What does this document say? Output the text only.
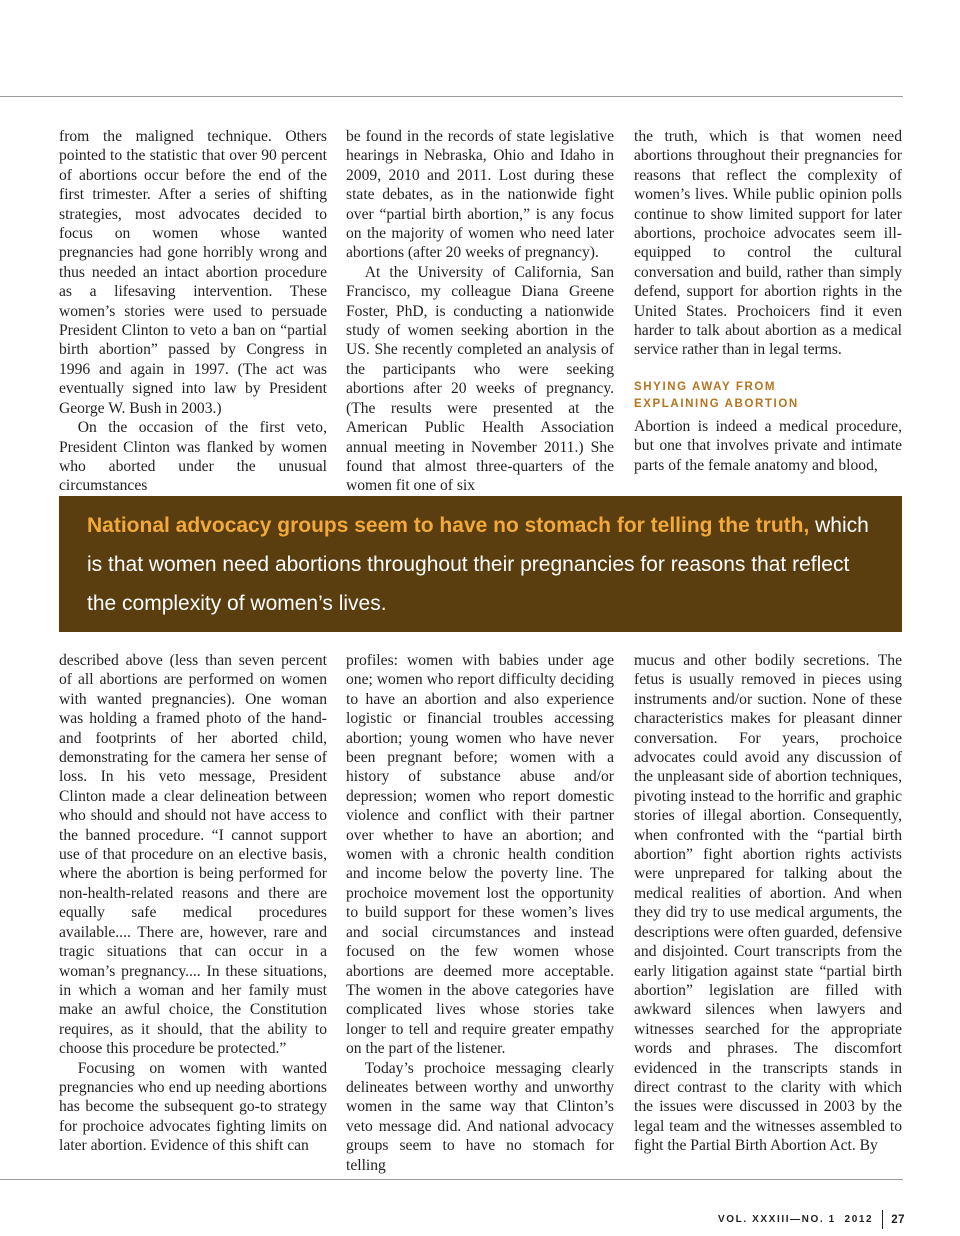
from the maligned technique. Others pointed to the statistic that over 90 percent of abortions occur before the end of the first trimester. After a series of shifting strategies, most advocates decided to focus on women whose wanted pregnancies had gone horribly wrong and thus needed an intact abortion procedure as a lifesaving intervention. These women’s stories were used to persuade President Clinton to veto a ban on “partial birth abortion” passed by Congress in 1996 and again in 1997. (The act was eventually signed into law by President George W. Bush in 2003.)

On the occasion of the first veto, President Clinton was flanked by women who aborted under the unusual circumstances

be found in the records of state legislative hearings in Nebraska, Ohio and Idaho in 2009, 2010 and 2011. Lost during these state debates, as in the nationwide fight over “partial birth abortion,” is any focus on the majority of women who need later abortions (after 20 weeks of pregnancy).

At the University of California, San Francisco, my colleague Diana Greene Foster, PhD, is conducting a nationwide study of women seeking abortion in the US. She recently completed an analysis of the participants who were seeking abortions after 20 weeks of pregnancy. (The results were presented at the American Public Health Association annual meeting in November 2011.) She found that almost three-quarters of the women fit one of six

the truth, which is that women need abortions throughout their pregnancies for reasons that reflect the complexity of women’s lives. While public opinion polls continue to show limited support for later abortions, prochoice advocates seem ill-equipped to control the cultural conversation and build, rather than simply defend, support for abortion rights in the United States. Prochoicers find it even harder to talk about abortion as a medical service rather than in legal terms.

SHYING AWAY FROM
EXPLAINING ABORTION

Abortion is indeed a medical procedure, but one that involves private and intimate parts of the female anatomy and blood,

National advocacy groups seem to have no stomach for telling the truth, which is that women need abortions throughout their pregnancies for reasons that reflect the complexity of women’s lives.

described above (less than seven percent of all abortions are performed on women with wanted pregnancies). One woman was holding a framed photo of the hand- and footprints of her aborted child, demonstrating for the camera her sense of loss. In his veto message, President Clinton made a clear delineation between who should and should not have access to the banned procedure. “I cannot support use of that procedure on an elective basis, where the abortion is being performed for non-health-related reasons and there are equally safe medical procedures available.... There are, however, rare and tragic situations that can occur in a woman’s pregnancy.... In these situations, in which a woman and her family must make an awful choice, the Constitution requires, as it should, that the ability to choose this procedure be protected.”

Focusing on women with wanted pregnancies who end up needing abortions has become the subsequent go-to strategy for prochoice advocates fighting limits on later abortion. Evidence of this shift can

profiles: women with babies under age one; women who report difficulty deciding to have an abortion and also experience logistic or financial troubles accessing abortion; young women who have never been pregnant before; women with a history of substance abuse and/or depression; women who report domestic violence and conflict with their partner over whether to have an abortion; and women with a chronic health condition and income below the poverty line. The prochoice movement lost the opportunity to build support for these women’s lives and social circumstances and instead focused on the few women whose abortions are deemed more acceptable. The women in the above categories have complicated lives whose stories take longer to tell and require greater empathy on the part of the listener.

Today’s prochoice messaging clearly delineates between worthy and unworthy women in the same way that Clinton’s veto message did. And national advocacy groups seem to have no stomach for telling

mucus and other bodily secretions. The fetus is usually removed in pieces using instruments and/or suction. None of these characteristics makes for pleasant dinner conversation. For years, prochoice advocates could avoid any discussion of the unpleasant side of abortion techniques, pivoting instead to the horrific and graphic stories of illegal abortion. Consequently, when confronted with the “partial birth abortion” fight abortion rights activists were unprepared for talking about the medical realities of abortion. And when they did try to use medical arguments, the descriptions were often guarded, defensive and disjointed. Court transcripts from the early litigation against state “partial birth abortion” legislation are filled with awkward silences when lawyers and witnesses searched for the appropriate words and phrases. The discomfort evidenced in the transcripts stands in direct contrast to the clarity with which the issues were discussed in 2003 by the legal team and the witnesses assembled to fight the Partial Birth Abortion Act. By

VOL. XXXIII—NO. 1  2012 27
